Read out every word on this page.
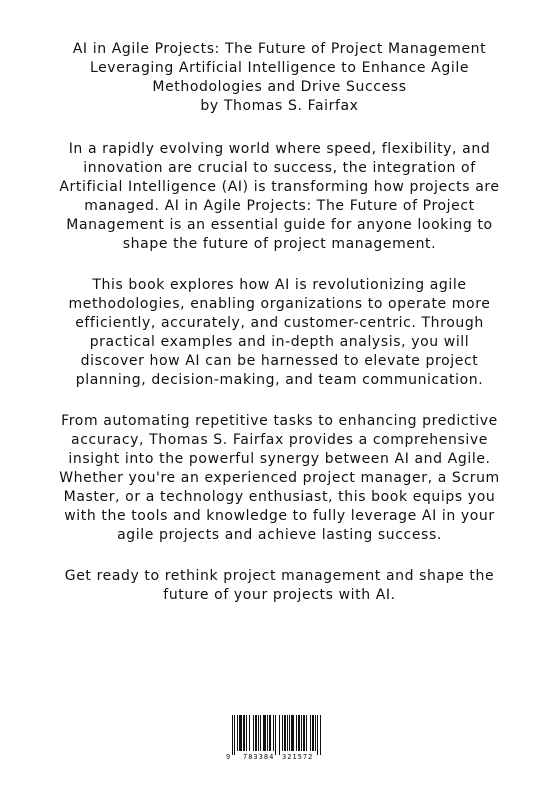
AI in Agile Projects: The Future of Project Management
Leveraging Artificial Intelligence to Enhance Agile
Methodologies and Drive Success
by Thomas S. Fairfax
In a rapidly evolving world where speed, flexibility, and
innovation are crucial to success, the integration of
Artificial Intelligence (AI) is transforming how projects are
managed. AI in Agile Projects: The Future of Project
Management is an essential guide for anyone looking to
shape the future of project management.
This book explores how AI is revolutionizing agile
methodologies, enabling organizations to operate more
efficiently, accurately, and customer-centric. Through
practical examples and in-depth analysis, you will
discover how AI can be harnessed to elevate project
planning, decision-making, and team communication.
From automating repetitive tasks to enhancing predictive
accuracy, Thomas S. Fairfax provides a comprehensive
insight into the powerful synergy between AI and Agile.
Whether you're an experienced project manager, a Scrum
Master, or a technology enthusiast, this book equips you
with the tools and knowledge to fully leverage AI in your
agile projects and achieve lasting success.
Get ready to rethink project management and shape the
future of your projects with AI.
9 783384 321572
